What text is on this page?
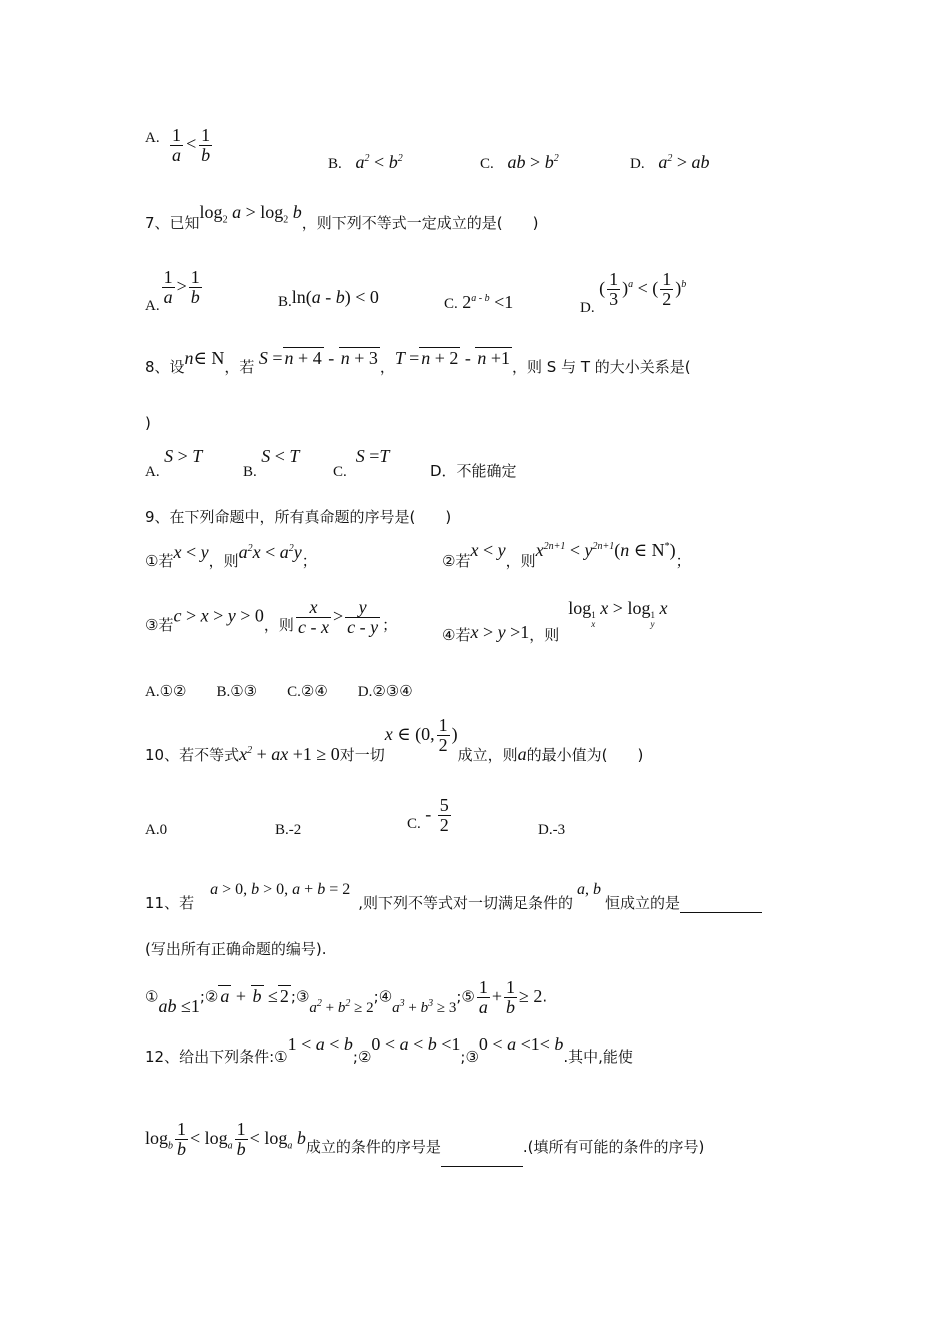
A. $\frac{1}{a} < \frac{1}{b}$	B.   $a^2 < b^2$	C.   ab > $b^2$	D.   $a^2$ > ab
7、已知$\log_2 a > \log_2 b$，则下列不等式一定成立的是(　　)
A. $\frac{1}{a} > \frac{1}{b}$	B.ln(a - b) < 0	C. $2^{a - b} <1$	D. ( $\frac{1}{3} )^a$ < ( $\frac{1}{2} )^b$
8、设n∈ N，若 S = n + 4 - n + 3 ，T = n + 2 - n +1 ，则 S 与 T 的大小关系是(
)
A. S > T
B. S < T
C.  S =T
D．不能确定
9、在下列命题中，所有真命题的序号是(　　)
①若x < y，则$a^2x < a^2y$；	②若x < y，则$x^{2n+1} < y^{2n+1}(n$ ∈ N*)；
③若c > x > y > 0，则 $\frac{x}{c - x} > \frac{y}{c - y}$ ；
④若x > y >1，则  $\log_{1 x} x > \log_{1 y} x$
A.①②　　B.①③　　C.②④　　D.②③④
10、若不等式$x^2$ + ax +1 ≥ 0对一切x ∈ (0, $\frac{1}{2}$ )成立，则a的最小值为(　　)
A.0	B.-2	C. - $\frac{5}{2}$	D.-3
11、若    a > 0, b > 0, a + b = 2  ,则下列不等式对一切满足条件的 a, b 恒成立的是
(写出所有正确命题的编号).
①ab ≤1;② a + b ≤ 2 $;③a^2 + b^2$ ≥ $2;④a^3 + b^3$ ≥ 3;⑤ $\frac{1}{a} + \frac{1}{b} \ge 2$.
12、给出下列条件:①1 < a < b;②0 < a < b <1;③0 < a <1< b.其中,能使
$\log_b \frac{1}{b} < \log_a \frac{1}{b} < \log_a b$成立的条件的序号是	.(填所有可能的条件的序号)
